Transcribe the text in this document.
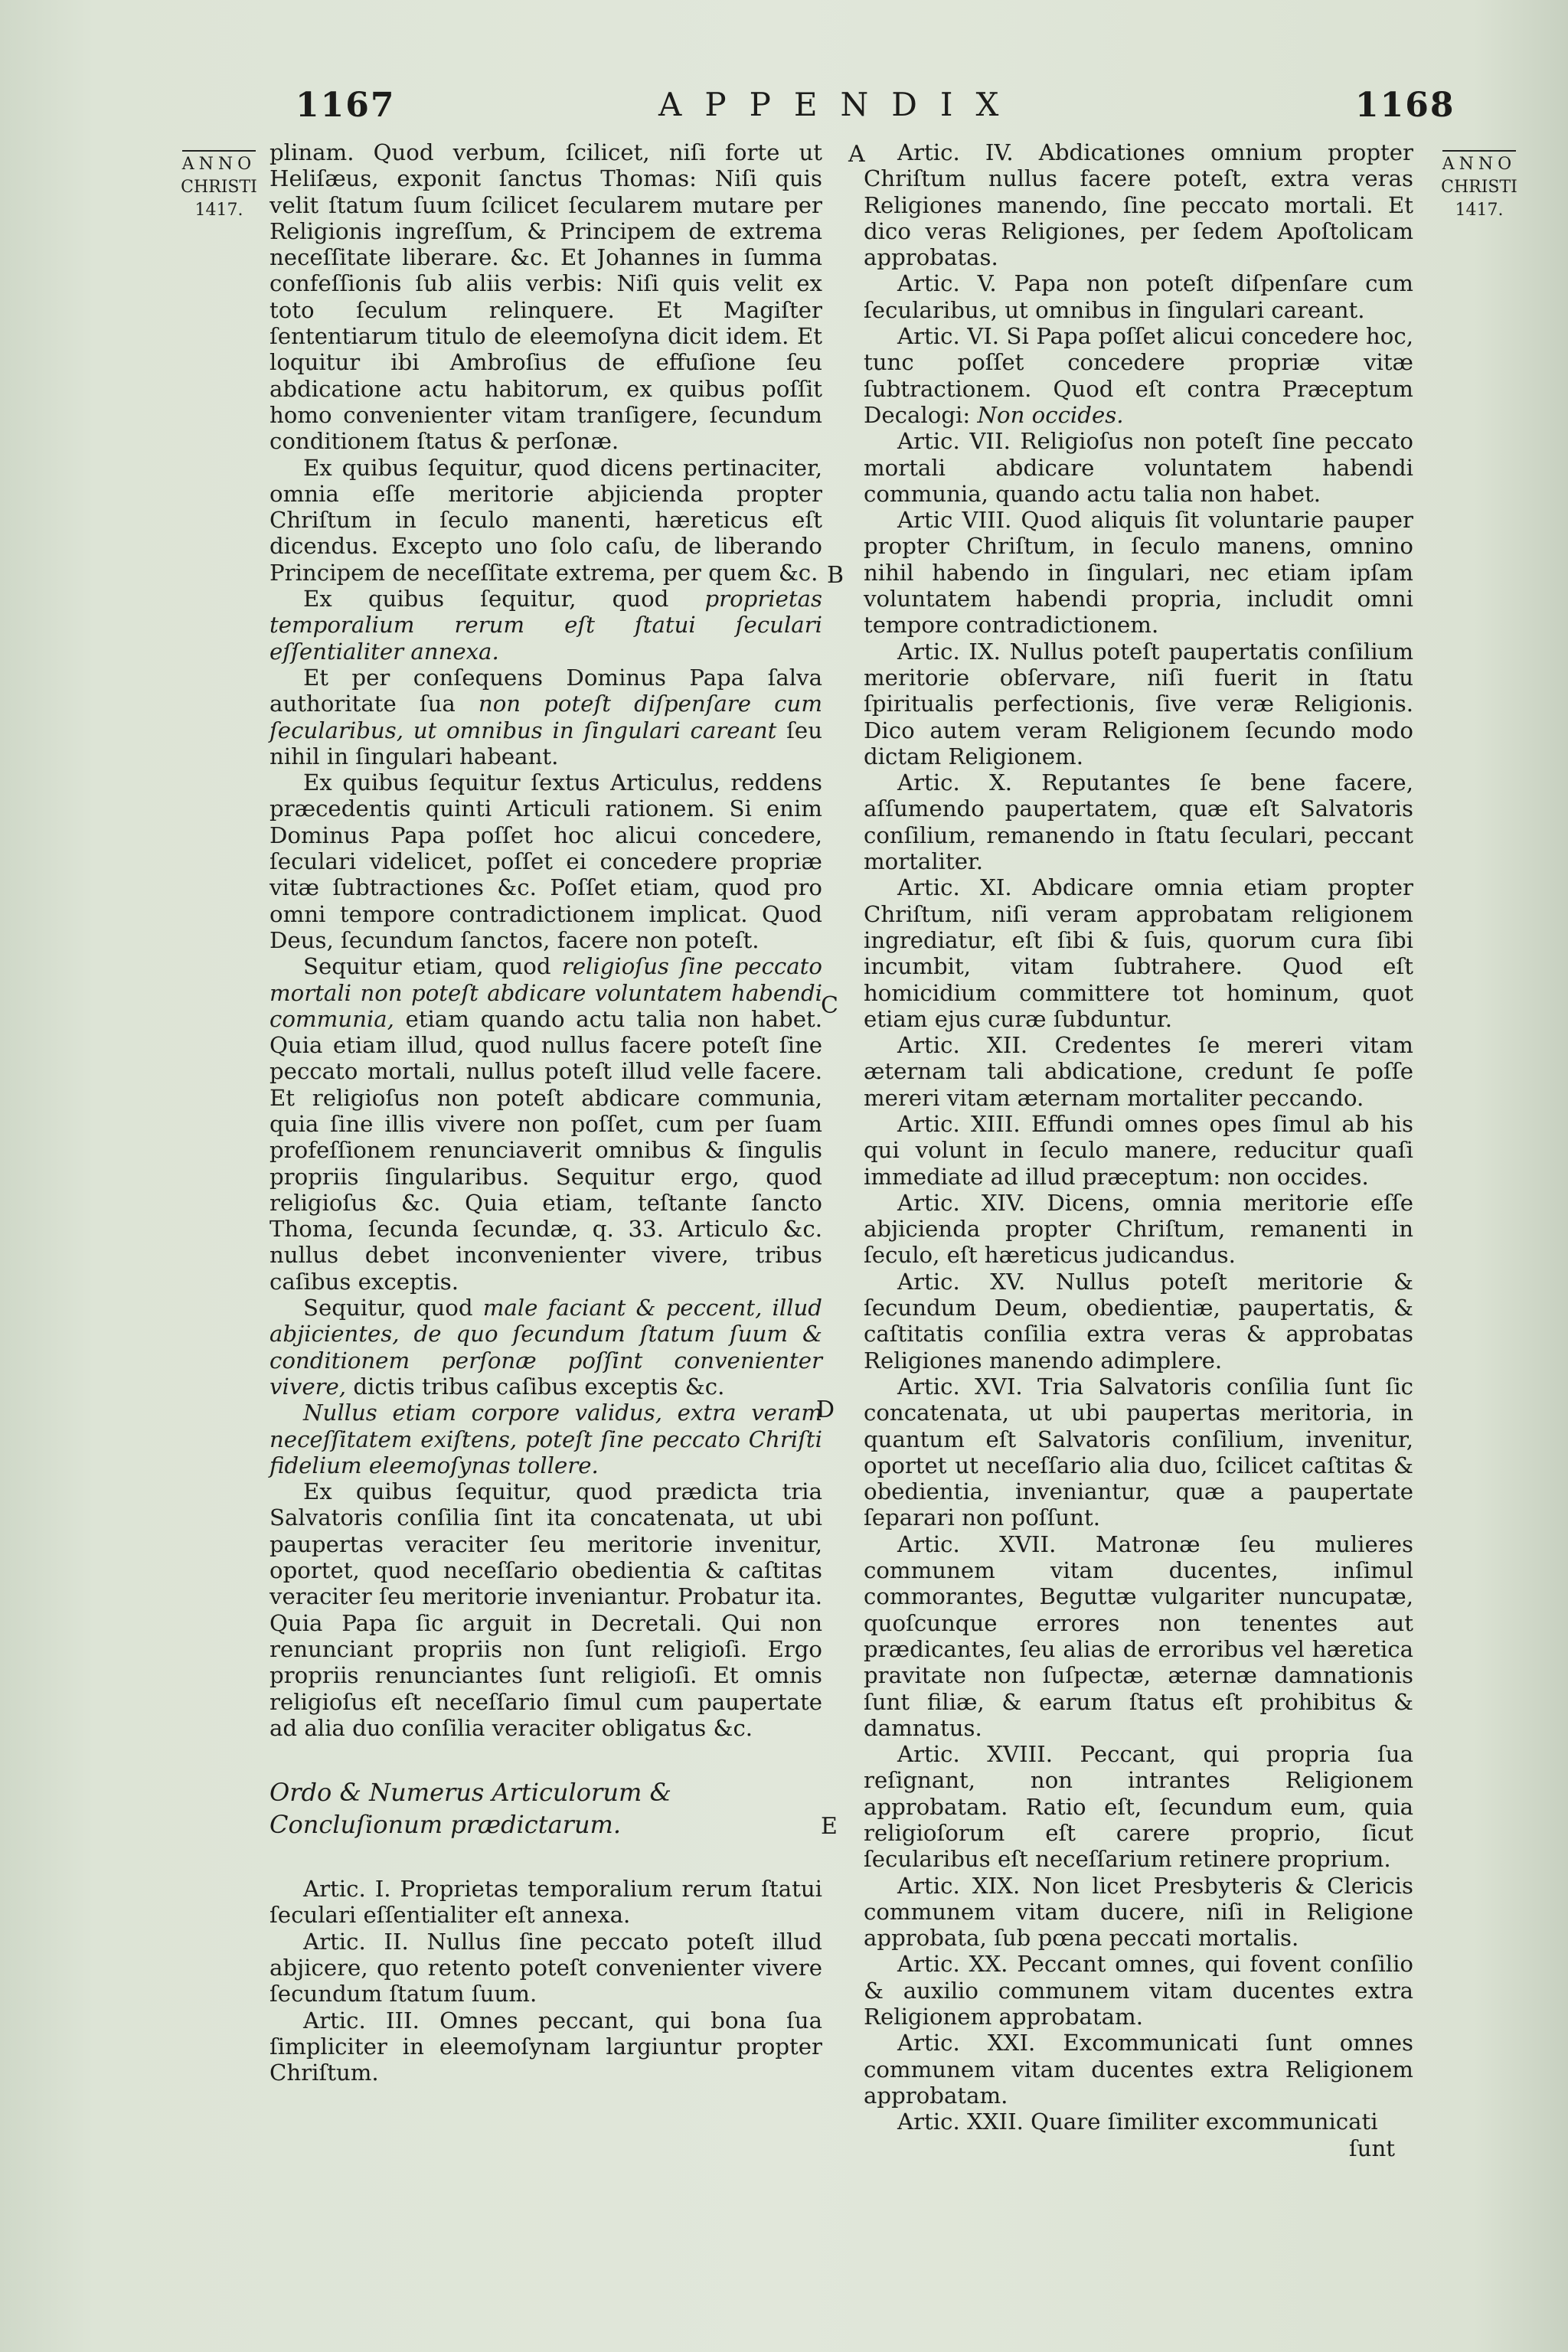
1167	APPENDIX	1168
ANNO
CHRISTI
1417.
ANNO
CHRISTI
1417.
A
B
C
D
E

plinam. Quod verbum, ſcilicet, niſi forte ut Heliſæus, exponit ſanctus Thomas: Niſi quis velit ſtatum ſuum ſcilicet ſecularem mutare per Religionis ingreſſum, & Principem de extrema neceſſitate liberare. &c. Et Johannes in ſumma confeſſionis ſub aliis verbis: Niſi quis velit ex toto ſeculum relinquere. Et Magiſter ſententiarum titulo de eleemoſyna dicit idem. Et loquitur ibi Ambroſius de effuſione ſeu abdicatione actu habitorum, ex quibus poſſit homo convenienter vitam tranſigere, ſecundum conditionem ſtatus & perſonæ.

Ex quibus ſequitur, quod dicens pertinaciter, omnia eſſe meritorie abjicienda propter Chriſtum in ſeculo manenti, hæreticus eſt dicendus. Excepto uno ſolo caſu, de liberando Principem de neceſſitate extrema, per quem &c.

Ex quibus ſequitur, quod proprietas temporalium rerum eſt ſtatui ſeculari eſſentialiter annexa.

Et per conſequens Dominus Papa ſalva authoritate ſua non poteſt diſpenſare cum ſecularibus, ut omnibus in ſingulari careant ſeu nihil in ſingulari habeant.

Ex quibus ſequitur ſextus Articulus, reddens præcedentis quinti Articuli rationem. Si enim Dominus Papa poſſet hoc alicui concedere, ſeculari videlicet, poſſet ei concedere propriæ vitæ ſubtractiones &c. Poſſet etiam, quod pro omni tempore contradictionem implicat. Quod Deus, ſecundum ſanctos, facere non poteſt.

Sequitur etiam, quod religioſus ſine peccato mortali non poteſt abdicare voluntatem habendi communia, etiam quando actu talia non habet. Quia etiam illud, quod nullus facere poteſt ſine peccato mortali, nullus poteſt illud velle facere. Et religioſus non poteſt abdicare communia, quia ſine illis vivere non poſſet, cum per ſuam profeſſionem renunciaverit omnibus & ſingulis propriis ſingularibus. Sequitur ergo, quod religioſus &c. Quia etiam, teſtante ſancto Thoma, ſecunda ſecundæ, q. 33. Articulo &c. nullus debet inconvenienter vivere, tribus caſibus exceptis.

Sequitur, quod male faciant & peccent, illud abjicientes, de quo ſecundum ſtatum ſuum & conditionem perſonæ poſſint convenienter vivere, dictis tribus caſibus exceptis &c.

Nullus etiam corpore validus, extra veram neceſſitatem exiſtens, poteſt ſine peccato Chriſti fidelium eleemoſynas tollere.

Ex quibus ſequitur, quod prædicta tria Salvatoris conſilia ſint ita concatenata, ut ubi paupertas veraciter ſeu meritorie invenitur, oportet, quod neceſſario obedientia & caſtitas veraciter ſeu meritorie inveniantur. Probatur ita. Quia Papa ſic arguit in Decretali. Qui non renunciant propriis non ſunt religioſi. Ergo propriis renunciantes ſunt religioſi. Et omnis religioſus eſt neceſſario ſimul cum paupertate ad alia duo conſilia veraciter obligatus &c.

Ordo & Numerus Articulorum & Concluſionum prædictarum.

Artic. I. Proprietas temporalium rerum ſtatui ſeculari eſſentialiter eſt annexa.

Artic. II. Nullus ſine peccato poteſt illud abjicere, quo retento poteſt convenienter vivere ſecundum ſtatum ſuum.

Artic. III. Omnes peccant, qui bona ſua ſimpliciter in eleemoſynam largiuntur propter Chriſtum.

Artic. IV. Abdicationes omnium propter Chriſtum nullus facere poteſt, extra veras Religiones manendo, ſine peccato mortali. Et dico veras Religiones, per ſedem Apoſtolicam approbatas.

Artic. V. Papa non poteſt diſpenſare cum ſecularibus, ut omnibus in ſingulari careant.

Artic. VI. Si Papa poſſet alicui concedere hoc, tunc poſſet concedere propriæ vitæ ſubtractionem. Quod eſt contra Præceptum Decalogi: Non occides.

Artic. VII. Religioſus non poteſt ſine peccato mortali abdicare voluntatem habendi communia, quando actu talia non habet.

Artic VIII. Quod aliquis ſit voluntarie pauper propter Chriſtum, in ſeculo manens, omnino nihil habendo in ſingulari, nec etiam ipſam voluntatem habendi propria, includit omni tempore contradictionem.

Artic. IX. Nullus poteſt paupertatis conſilium meritorie obſervare, niſi fuerit in ſtatu ſpiritualis perfectionis, ſive veræ Religionis. Dico autem veram Religionem ſecundo modo dictam Religionem.

Artic. X. Reputantes ſe bene facere, aſſumendo paupertatem, quæ eſt Salvatoris conſilium, remanendo in ſtatu ſeculari, peccant mortaliter.

Artic. XI. Abdicare omnia etiam propter Chriſtum, niſi veram approbatam religionem ingrediatur, eſt ſibi & ſuis, quorum cura ſibi incumbit, vitam ſubtrahere. Quod eſt homicidium committere tot hominum, quot etiam ejus curæ ſubduntur.

Artic. XII. Credentes ſe mereri vitam æternam tali abdicatione, credunt ſe poſſe mereri vitam æternam mortaliter peccando.

Artic. XIII. Effundi omnes opes ſimul ab his qui volunt in ſeculo manere, reducitur quaſi immediate ad illud præceptum: non occides.

Artic. XIV. Dicens, omnia meritorie eſſe abjicienda propter Chriſtum, remanenti in ſeculo, eſt hæreticus judicandus.

Artic. XV. Nullus poteſt meritorie & ſecundum Deum, obedientiæ, paupertatis, & caſtitatis conſilia extra veras & approbatas Religiones manendo adimplere.

Artic. XVI. Tria Salvatoris conſilia ſunt ſic concatenata, ut ubi paupertas meritoria, in quantum eſt Salvatoris conſilium, invenitur, oportet ut neceſſario alia duo, ſcilicet caſtitas & obedientia, inveniantur, quæ a paupertate ſeparari non poſſunt.

Artic. XVII. Matronæ ſeu mulieres communem vitam ducentes, inſimul commorantes, Beguttæ vulgariter nuncupatæ, quoſcunque errores non tenentes aut prædicantes, ſeu alias de erroribus vel hæretica pravitate non ſuſpectæ, æternæ damnationis ſunt filiæ, & earum ſtatus eſt prohibitus & damnatus.

Artic. XVIII. Peccant, qui propria ſua reſignant, non intrantes Religionem approbatam. Ratio eſt, ſecundum eum, quia religioſorum eſt carere proprio, ſicut ſecularibus eſt neceſſarium retinere proprium.

Artic. XIX. Non licet Presbyteris & Clericis communem vitam ducere, niſi in Religione approbata, ſub pœna peccati mortalis.

Artic. XX. Peccant omnes, qui fovent conſilio & auxilio communem vitam ducentes extra Religionem approbatam.

Artic. XXI. Excommunicati ſunt omnes communem vitam ducentes extra Religionem approbatam.

Artic. XXII. Quare ſimiliter excommunicati

ſunt
